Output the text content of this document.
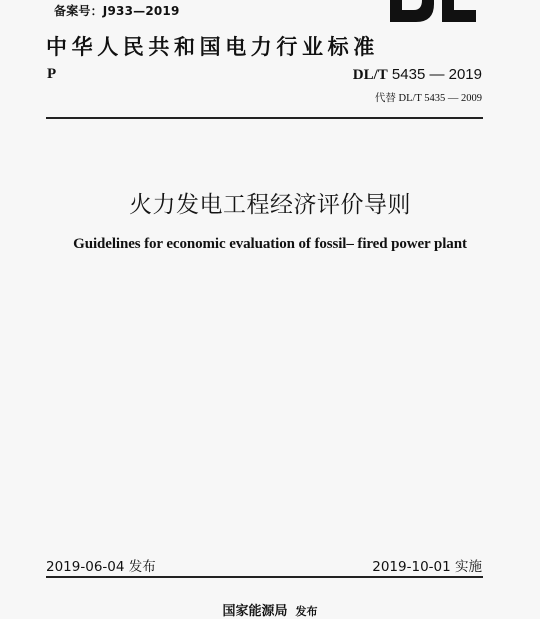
备案号：J933—2019
中华人民共和国电力行业标准
P	DL/T 5435 — 2019
代替 DL/T 5435 — 2009
火力发电工程经济评价导则
Guidelines for economic evaluation of fossil– fired power plant
2019-06-04 发布	2019-10-01 实施
国家能源局 发布
